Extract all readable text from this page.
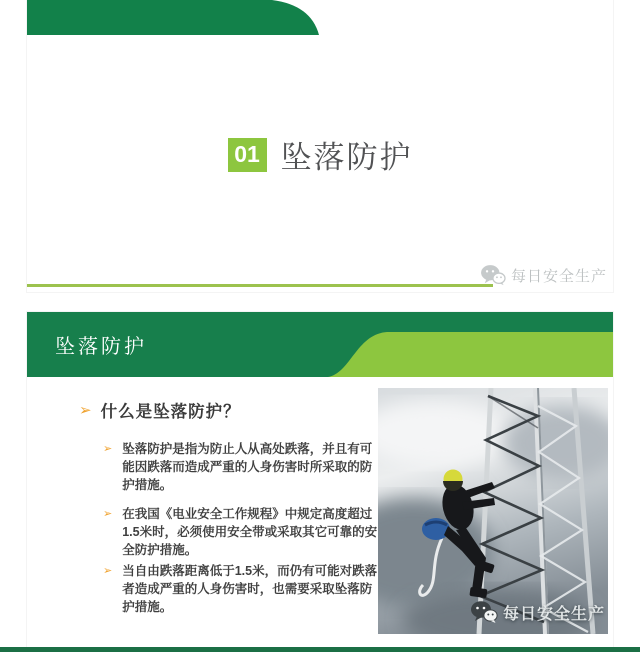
01 坠落防护
每日安全生产
坠落防护
➢ 什么是坠落防护？
➢ 坠落防护是指为防止人从高处跌落，并且有可能因跌落而造成严重的人身伤害时所采取的防护措施。
➢ 在我国《电业安全工作规程》中规定高度超过1.5米时，必须使用安全带或采取其它可靠的安全防护措施。
➢ 当自由跌落距离低于1.5米，而仍有可能对跌落者造成严重的人身伤害时，也需要采取坠落防护措施。	每日安全生产
